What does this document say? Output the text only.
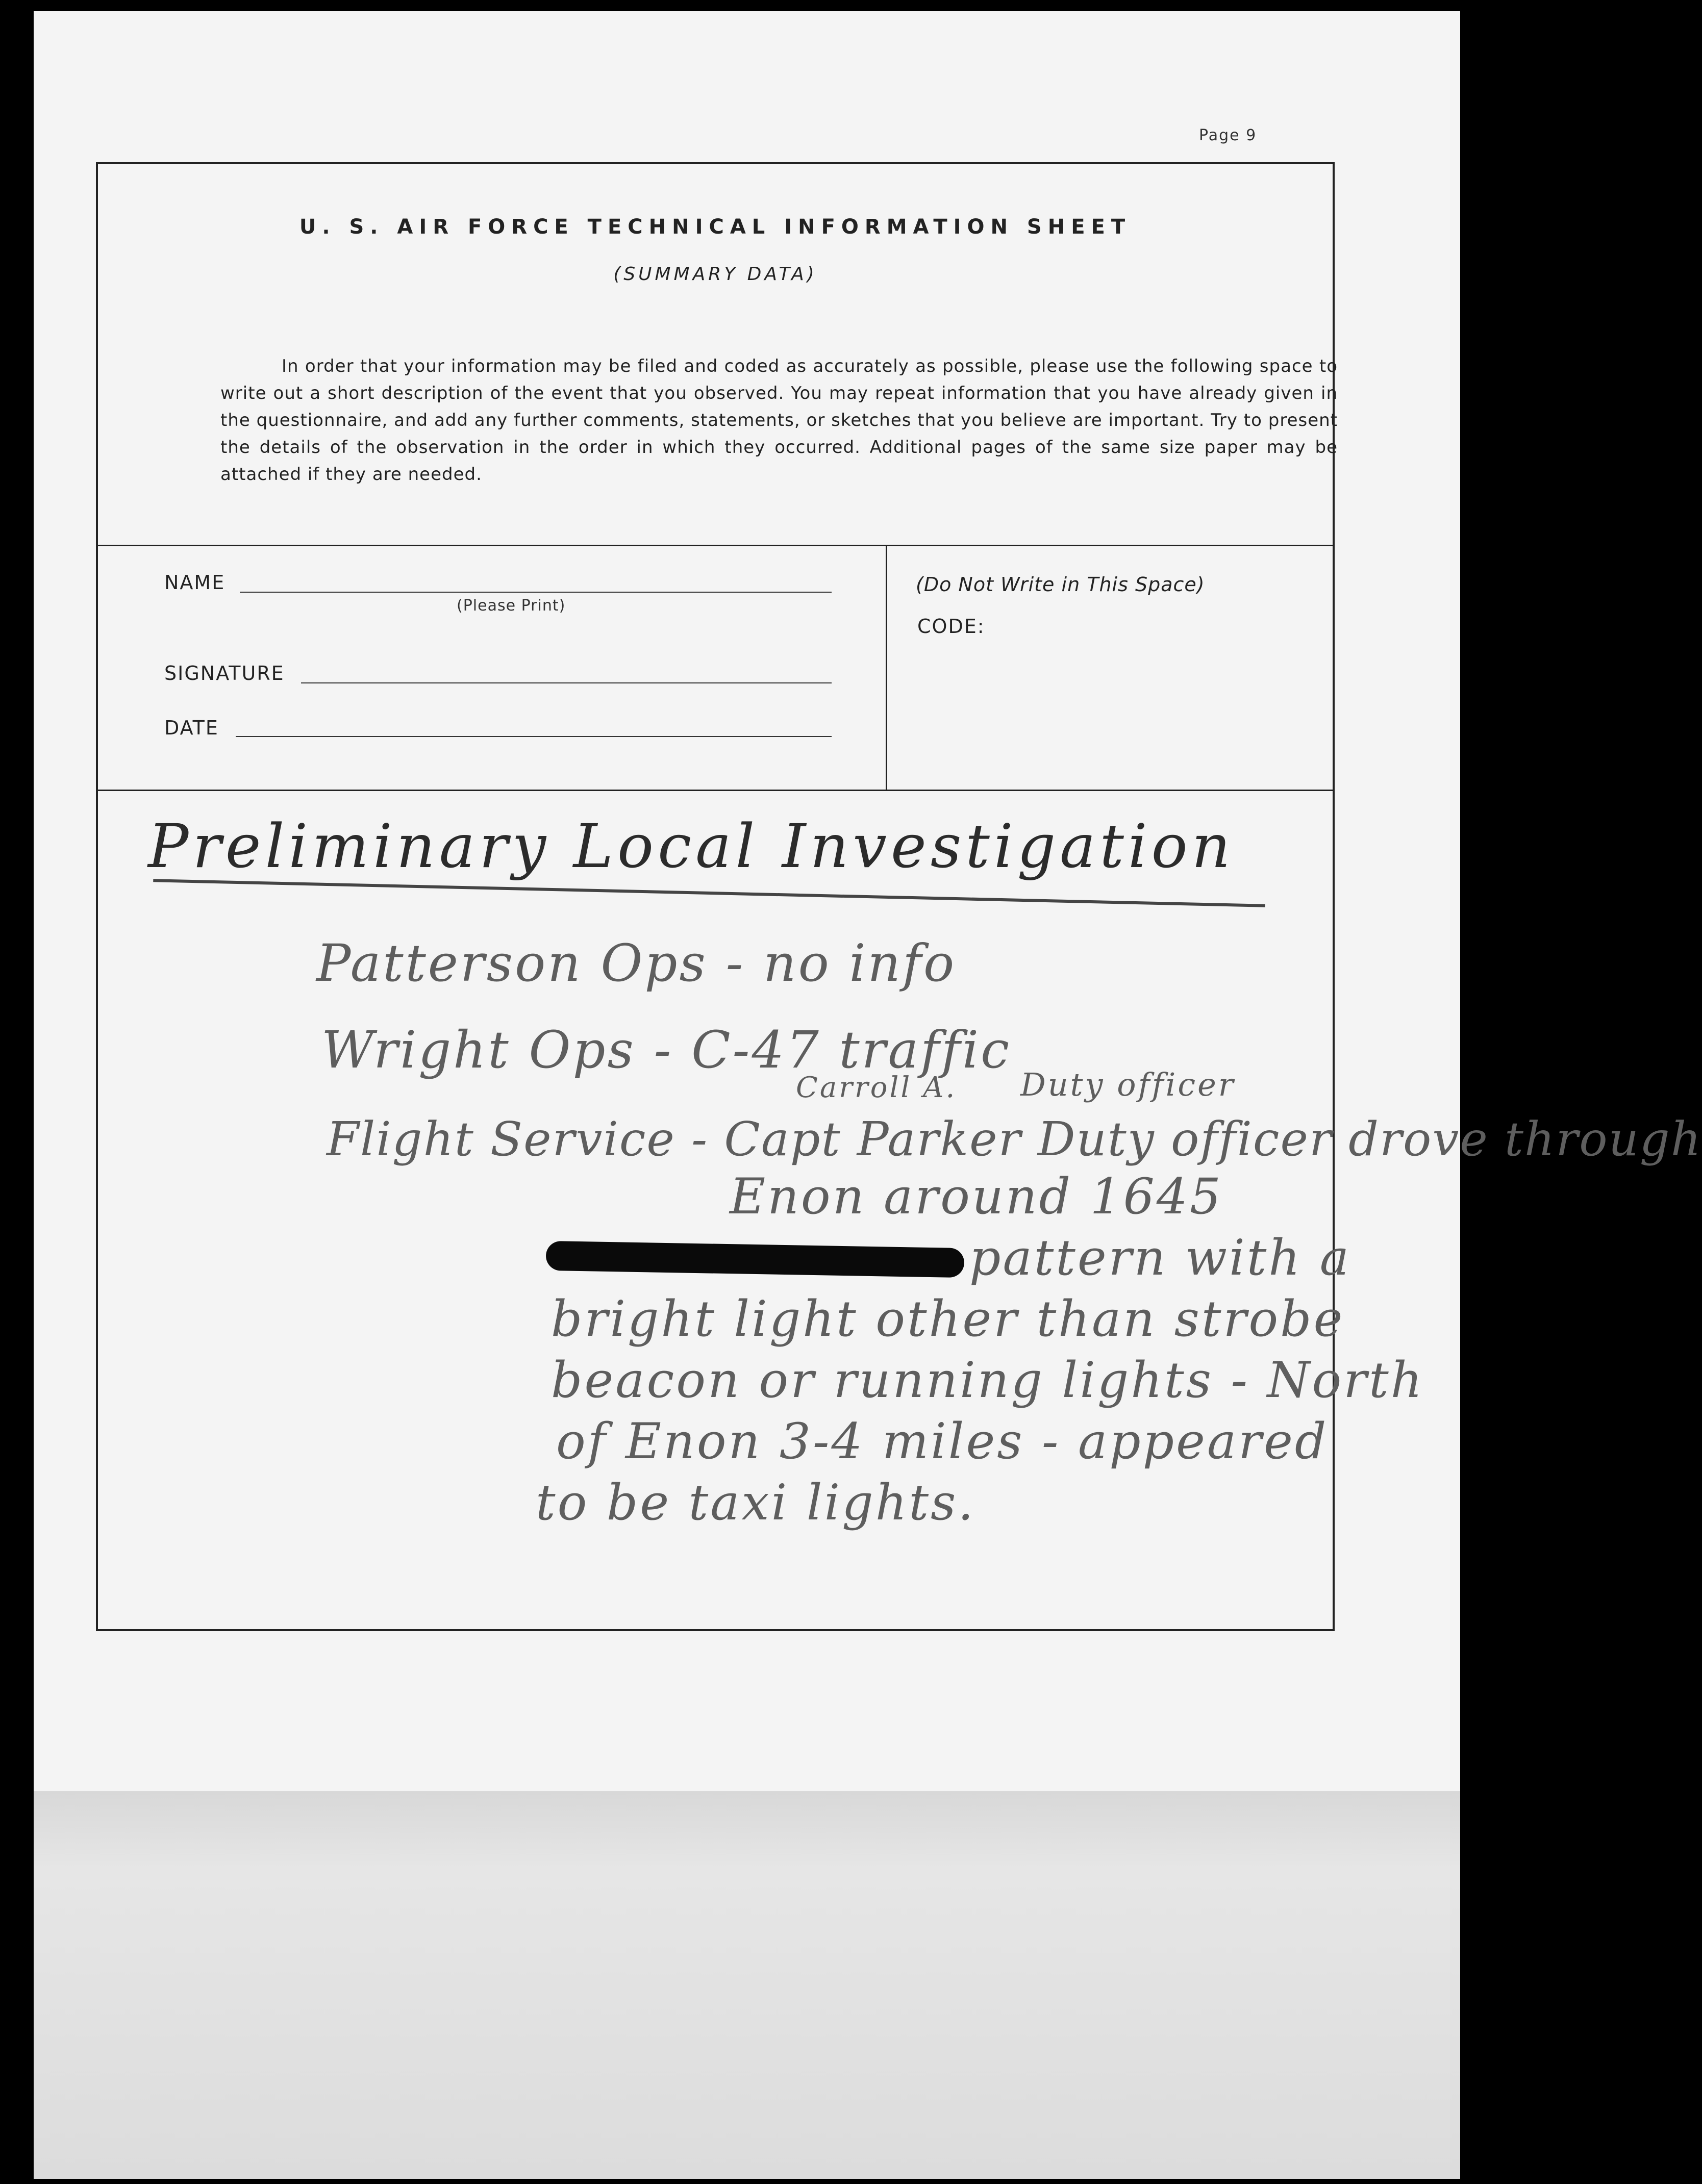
Page 9
U. S. AIR FORCE TECHNICAL INFORMATION SHEET
(SUMMARY DATA)
In order that your information may be filed and coded as accurately as possible, please use the following space to write out a short description of the event that you observed. You may repeat information that you have already given in the questionnaire, and add any further comments, statements, or sketches that you believe are important. Try to present the details of the observation in the order in which they occurred. Additional pages of the same size paper may be attached if they are needed.
NAME
(Please Print)
SIGNATURE
DATE
(Do Not Write in This Space)
CODE:
Preliminary Local Investigation
Patterson Ops - no info
Wright Ops - C-47 traffic
Carroll A. Duty officer
Flight Service - Capt Parker Duty officer drove through
Enon around 1645
pattern with a
bright light other than strobe
beacon or running lights - North
of Enon 3-4 miles - appeared
to be taxi lights.
